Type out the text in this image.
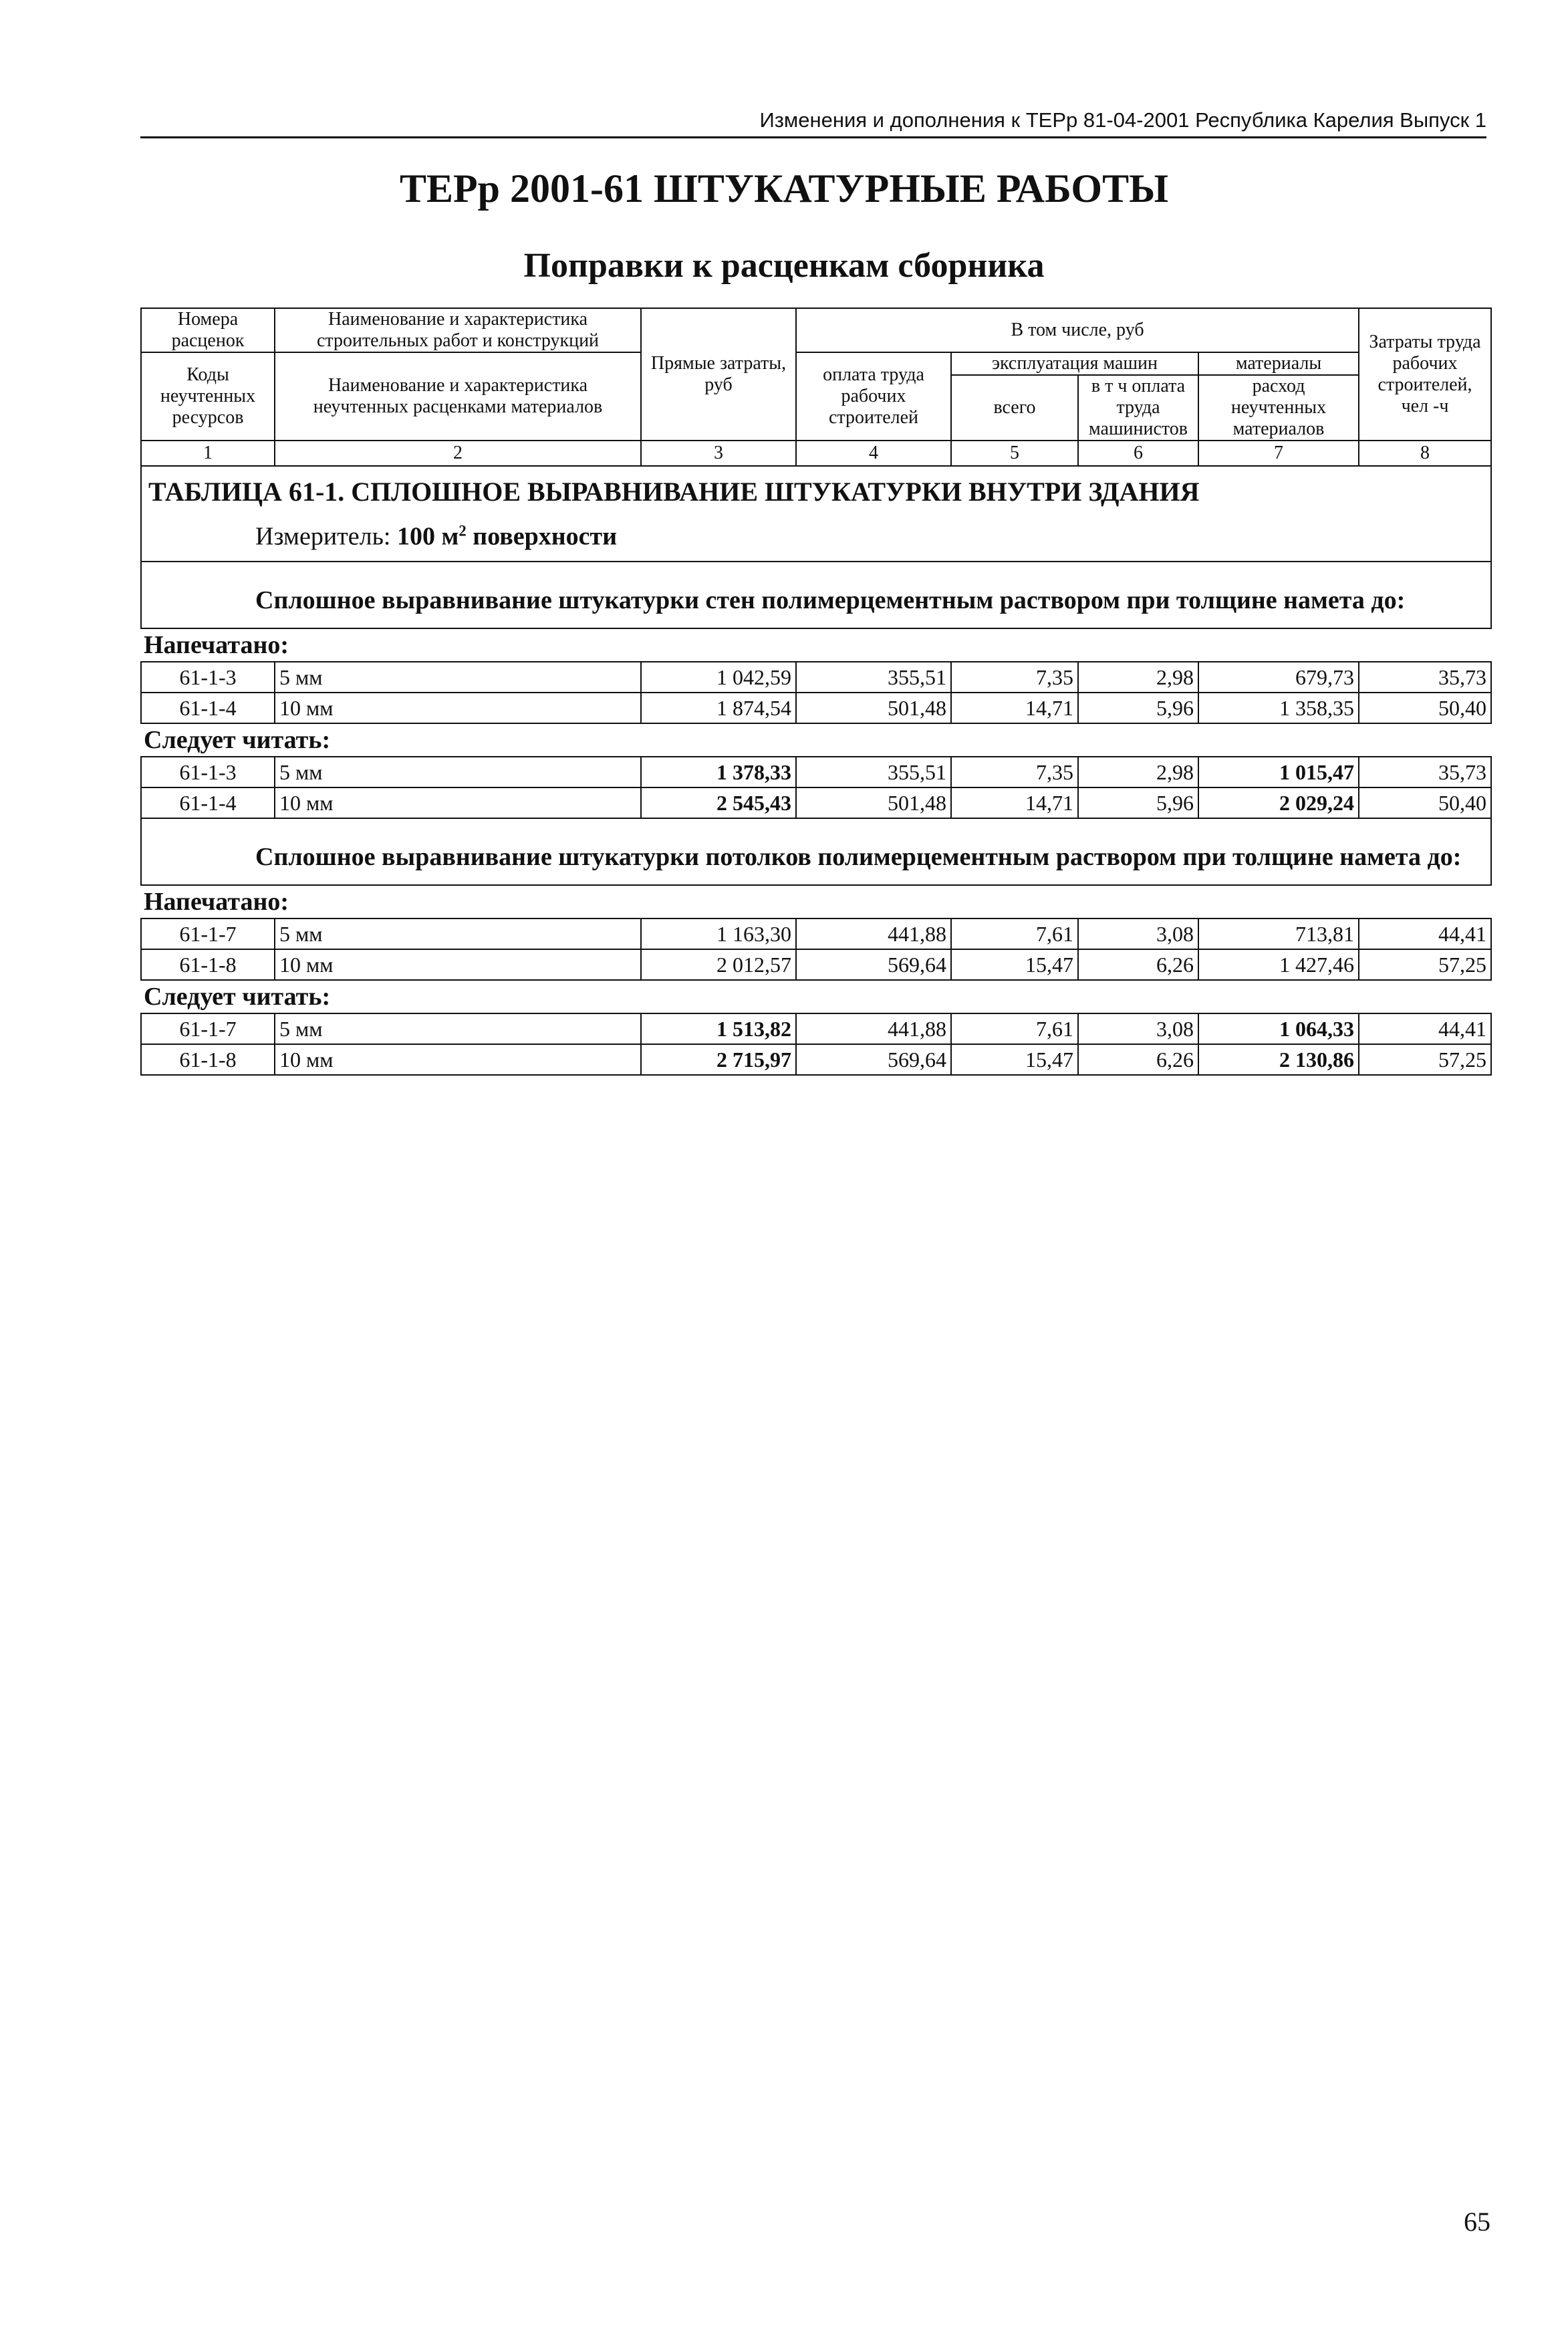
Изменения и дополнения к ТЕРр 81-04-2001 Республика Карелия Выпуск 1
ТЕРр 2001-61 ШТУКАТУРНЫЕ РАБОТЫ
Поправки к расценкам сборника
Номера расценок	Наименование и характеристика строительных работ и конструкций	Прямые затраты, руб	В том числе, руб				Затраты труда рабочих строителей, чел -ч
Коды неучтенных ресурсов	Наименование и характеристика неучтенных расценками материалов		оплата труда рабочих строителей	эксплуатация машин		материалы	
				всего	в т ч оплата труда машинистов	расход неучтенных материалов	

1	2	3	4	5	6	7	8
ТАБЛИЦА 61-1. СПЛОШНОЕ ВЫРАВНИВАНИЕ ШТУКАТУРКИ ВНУТРИ ЗДАНИЯ							
Измеритель: 100 $м^2$ поверхности							
Сплошное выравнивание штукатурки стен полимерцементным раствором при толщине намета до:							
Напечатано:							
61-1-3	5 мм	1 042,59	355,51	7,35	2,98	679,73	35,73
61-1-4	10 мм	1 874,54	501,48	14,71	5,96	1 358,35	50,40
Следует читать:							
61-1-3	5 мм	1 378,33	355,51	7,35	2,98	1 015,47	35,73
61-1-4	10 мм	2 545,43	501,48	14,71	5,96	2 029,24	50,40
Сплошное выравнивание штукатурки потолков полимерцементным раствором при толщине намета до:							
Напечатано:							
61-1-7	5 мм	1 163,30	441,88	7,61	3,08	713,81	44,41
61-1-8	10 мм	2 012,57	569,64	15,47	6,26	1 427,46	57,25
Следует читать:							
61-1-7	5 мм	1 513,82	441,88	7,61	3,08	1 064,33	44,41
61-1-8	10 мм	2 715,97	569,64	15,47	6,26	2 130,86	57,25
65
